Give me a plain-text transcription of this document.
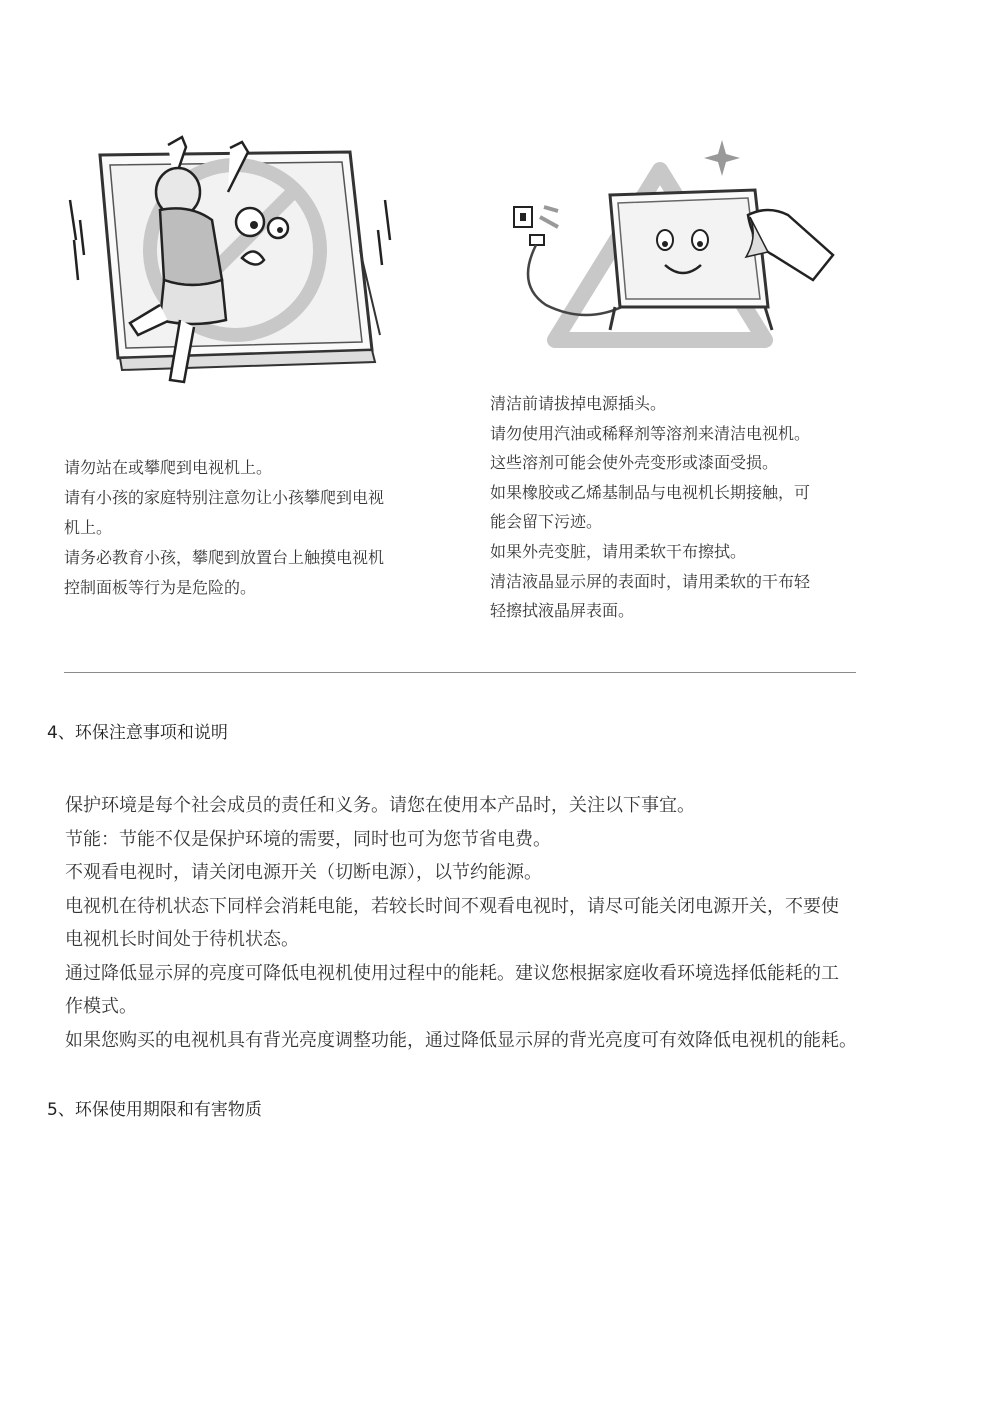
请勿站在或攀爬到电视机上。
请有小孩的家庭特别注意勿让小孩攀爬到电视
机上。
请务必教育小孩，攀爬到放置台上触摸电视机
控制面板等行为是危险的。
清洁前请拔掉电源插头。
请勿使用汽油或稀释剂等溶剂来清洁电视机。
这些溶剂可能会使外壳变形或漆面受损。
如果橡胶或乙烯基制品与电视机长期接触，可
能会留下污迹。
如果外壳变脏，请用柔软干布擦拭。
清洁液晶显示屏的表面时，请用柔软的干布轻
轻擦拭液晶屏表面。
4、环保注意事项和说明
保护环境是每个社会成员的责任和义务。请您在使用本产品时，关注以下事宜。
节能：节能不仅是保护环境的需要，同时也可为您节省电费。
不观看电视时，请关闭电源开关（切断电源），以节约能源。
电视机在待机状态下同样会消耗电能，若较长时间不观看电视时，请尽可能关闭电源开关，不要使
电视机长时间处于待机状态。
通过降低显示屏的亮度可降低电视机使用过程中的能耗。建议您根据家庭收看环境选择低能耗的工
作模式。
如果您购买的电视机具有背光亮度调整功能，通过降低显示屏的背光亮度可有效降低电视机的能耗。
5、环保使用期限和有害物质
